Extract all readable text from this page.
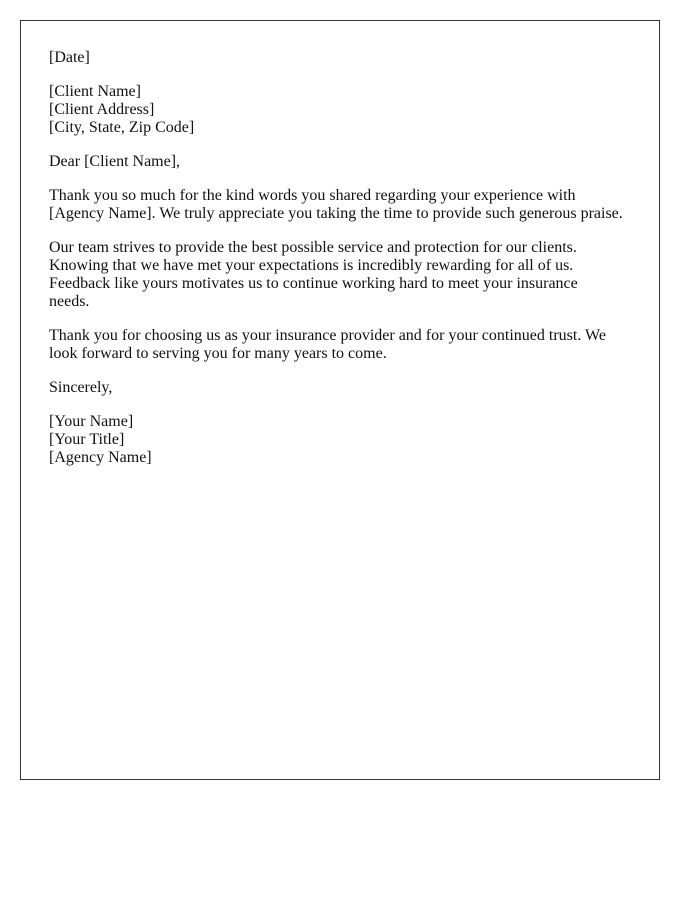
[Date]

[Client Name]
[Client Address]
[City, State, Zip Code]

Dear [Client Name],

Thank you so much for the kind words you shared regarding your experience with [Agency Name]. We truly appreciate you taking the time to provide such generous praise.

Our team strives to provide the best possible service and protection for our clients. Knowing that we have met your expectations is incredibly rewarding for all of us. Feedback like yours motivates us to continue working hard to meet your insurance needs.

Thank you for choosing us as your insurance provider and for your continued trust. We look forward to serving you for many years to come.

Sincerely,

[Your Name]
[Your Title]
[Agency Name]
